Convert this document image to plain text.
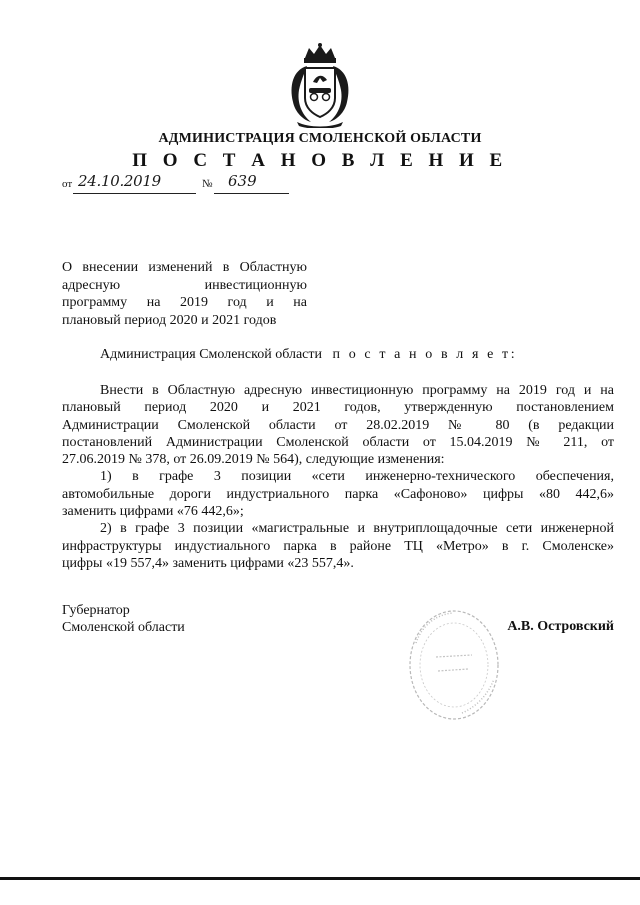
АДМИНИСТРАЦИЯ СМОЛЕНСКОЙ ОБЛАСТИ
П О С Т А Н О В Л Е Н И Е
от 24.10.2019	№ 639
О внесении изменений в Областную
адресную инвестиционную
программу на 2019 год и на
плановый период 2020 и 2021 годов
Администрация Смоленской области п о с т а н о в л я е т:
Внести в Областную адресную инвестиционную программу на 2019 год и на
плановый период 2020 и 2021 годов, утвержденную постановлением
Администрации Смоленской области от 28.02.2019 № 80 (в редакции
постановлений Администрации Смоленской области от 15.04.2019 № 211, от
27.06.2019 № 378, от 26.09.2019 № 564), следующие изменения:
1) в графе 3 позиции «сети инженерно-технического обеспечения,
автомобильные дороги индустриального парка «Сафоново» цифры «80 442,6»
заменить цифрами «76 442,6»;
2) в графе 3 позиции «магистральные и внутриплощадочные сети инженерной
инфраструктуры индустиального парка в районе ТЦ «Метро» в г. Смоленске»
цифры «19 557,4» заменить цифрами «23 557,4».
Губернатор
Смоленской области	А.В. Островский
